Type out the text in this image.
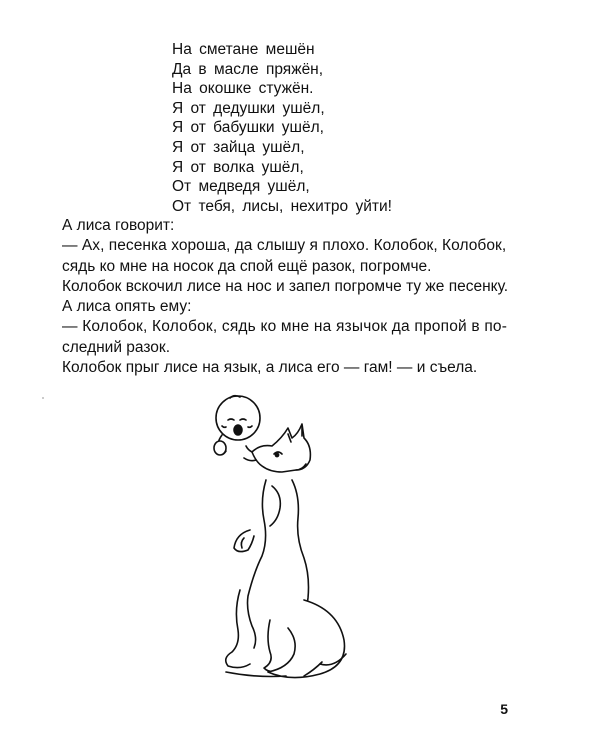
На сметане мешён
Да в масле пряжён,
На окошке стужён.
Я от дедушки ушёл,
Я от бабушки ушёл,
Я от зайца ушёл,
Я от волка ушёл,
От медведя ушёл,
От тебя, лисы, нехитро уйти!
А лиса говорит:
— Ах, песенка хороша, да слышу я плохо. Колобок, Колобок,
сядь ко мне на носок да спой ещё разок, погромче.
Колобок вскочил лисе на нос и запел погромче ту же песенку.
А лиса опять ему:
— Колобок, Колобок, сядь ко мне на язычок да пропой в по-
следний разок.
Колобок прыг лисе на язык, а лиса его — гам! — и съела.
5
